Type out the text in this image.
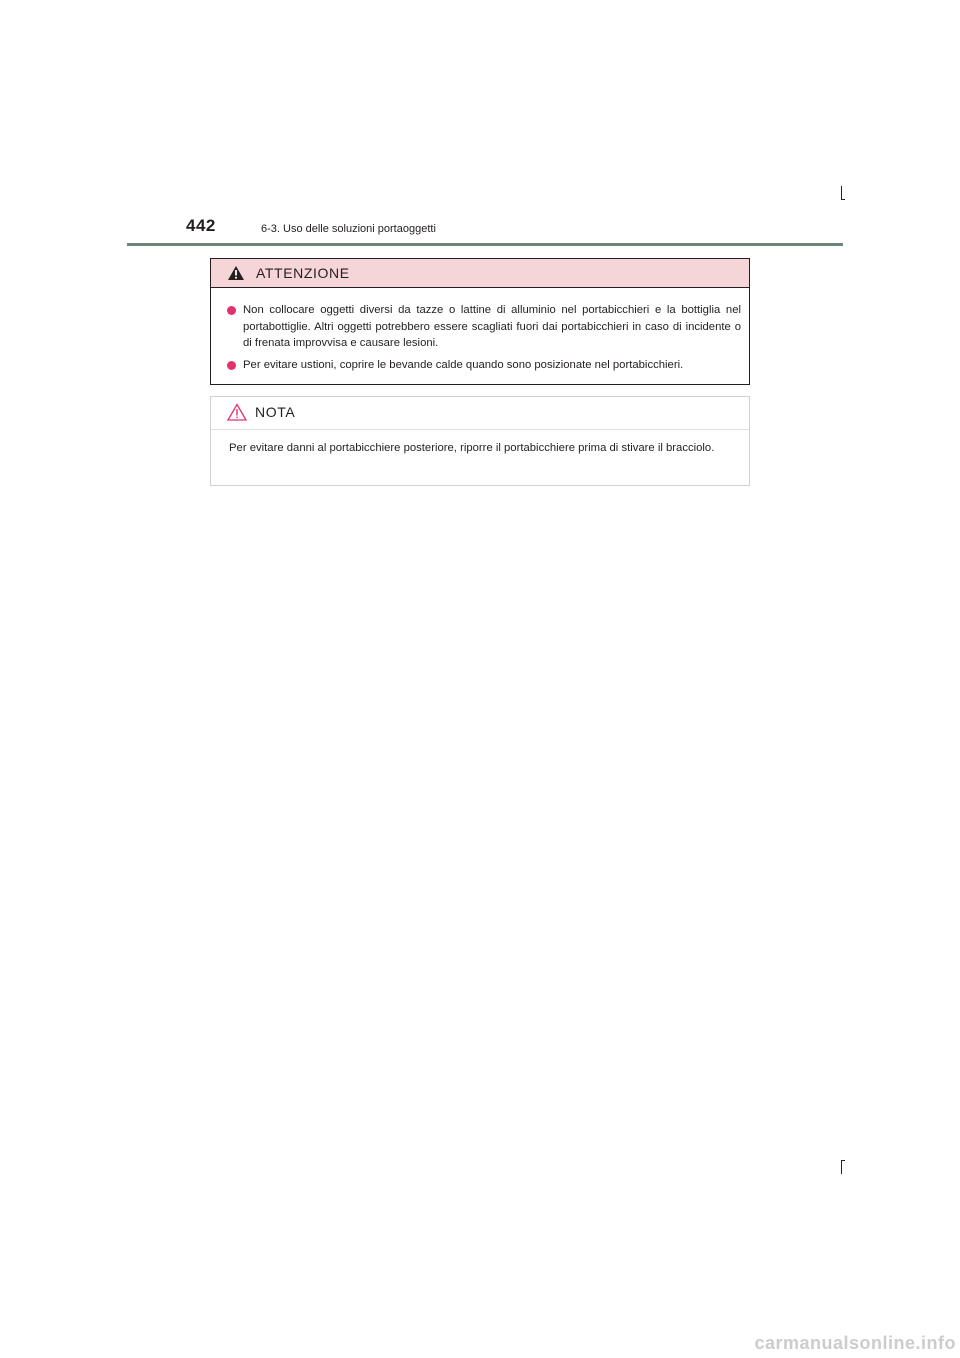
442	6-3. Uso delle soluzioni portaoggetti
ATTENZIONE
Non collocare oggetti diversi da tazze o lattine di alluminio nel portabicchieri e la bottiglia nel portabottiglie. Altri oggetti potrebbero essere scagliati fuori dai portabicchieri in caso di incidente o di frenata improvvisa e causare lesioni.
Per evitare ustioni, coprire le bevande calde quando sono posizionate nel portabicchieri.
NOTA
Per evitare danni al portabicchiere posteriore, riporre il portabicchiere prima di stivare il bracciolo.
carmanualsonline.info
